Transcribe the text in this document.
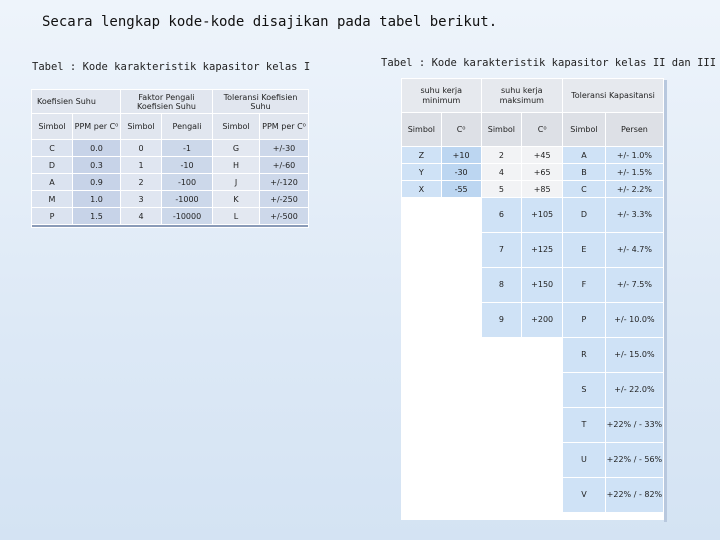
Secara lengkap kode-kode disajikan pada tabel berikut.
Tabel : Kode karakteristik kapasitor kelas I	Tabel : Kode karakteristik kapasitor kelas II dan III
Koefisien Suhu		Faktor Pengali Koefisien Suhu		Toleransi Koefisien Suhu	
Simbol	PPM per C⁰	Simbol	Pengali	Simbol	PPM per C⁰
C	0.0	0	-1	G	+/-30
D	0.3	1	-10	H	+/-60
A	0.9	2	-100	J	+/-120
M	1.0	3	-1000	K	+/-250
P	1.5	4	-10000	L	+/-500

suhu kerja minimum		suhu kerja maksimum		Toleransi Kapasitansi	
Simbol	C⁰	Simbol	C⁰	Simbol	Persen
Z	+10	2	+45	A	+/- 1.0%
Y	-30	4	+65	B	+/- 1.5%
X	-55	5	+85	C	+/- 2.2%
		6	+105	D	+/- 3.3%
		7	+125	E	+/- 4.7%
		8	+150	F	+/- 7.5%
		9	+200	P	+/- 10.0%
				R	+/- 15.0%
				S	+/- 22.0%
				T	+22% / - 33%
				U	+22% / - 56%
				V	+22% / - 82%
